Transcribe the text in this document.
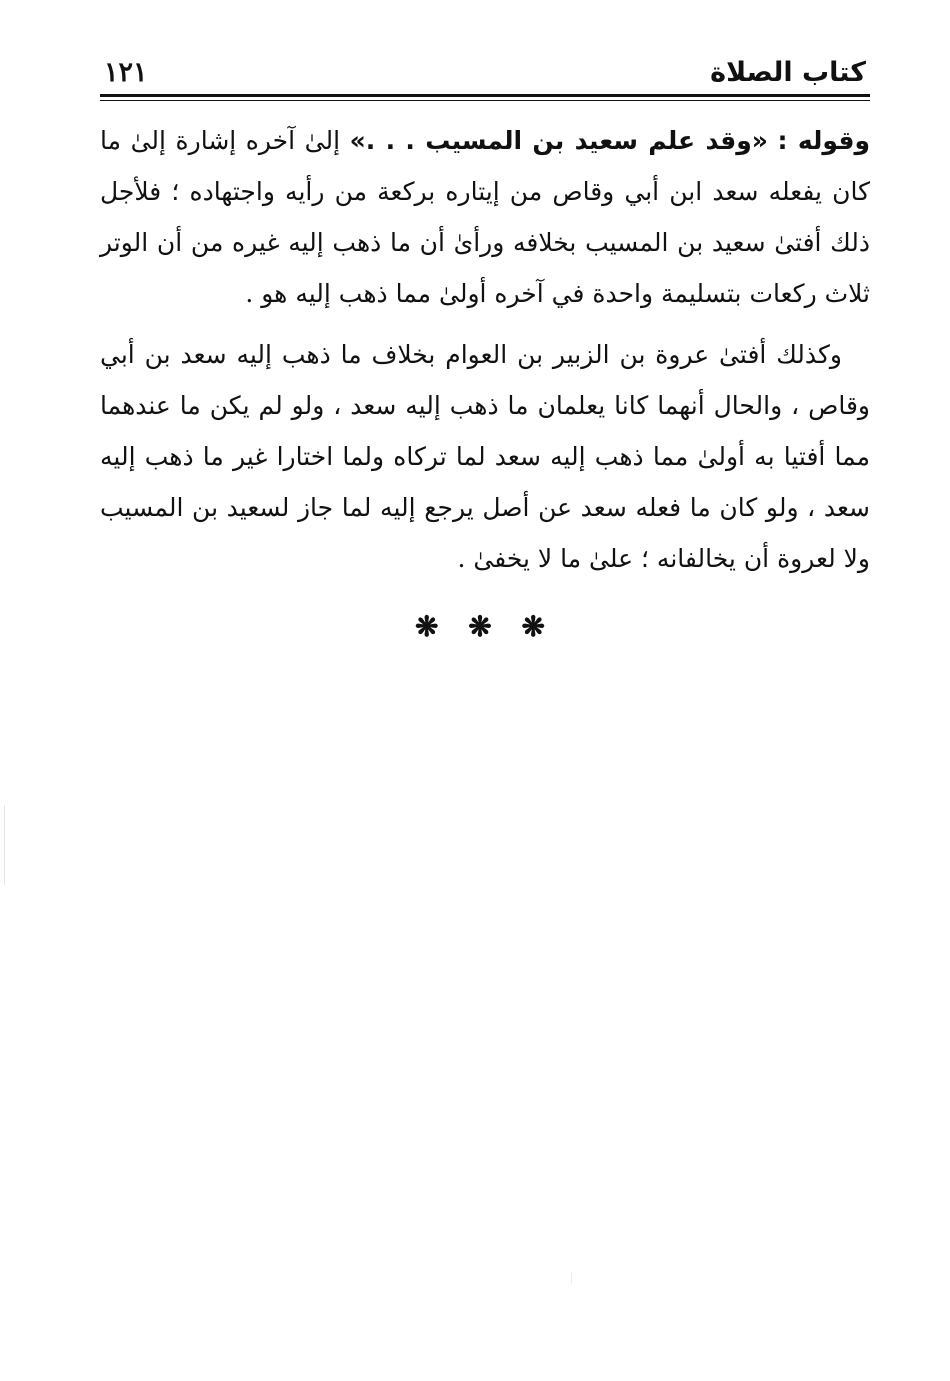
كتاب الصلاة
١٢١

وقوله : «وقد علم سعيد بن المسيب . . .» إلىٰ آخره إشارة إلىٰ ما كان يفعله سعد ابن أبي وقاص من إيتاره بركعة من رأيه واجتهاده ؛ فلأجل ذلك أفتىٰ سعيد بن المسيب بخلافه ورأىٰ أن ما ذهب إليه غيره من أن الوتر ثلاث ركعات بتسليمة واحدة في آخره أولىٰ مما ذهب إليه هو .

وكذلك أفتىٰ عروة بن الزبير بن العوام بخلاف ما ذهب إليه سعد بن أبي وقاص ، والحال أنهما كانا يعلمان ما ذهب إليه سعد ، ولو لم يكن ما عندهما مما أفتيا به أولىٰ مما ذهب إليه سعد لما تركاه ولما اختارا غير ما ذهب إليه سعد ، ولو كان ما فعله سعد عن أصل يرجع إليه لما جاز لسعيد بن المسيب ولا لعروة أن يخالفانه ؛ علىٰ ما لا يخفىٰ .

❋ ❋ ❋
